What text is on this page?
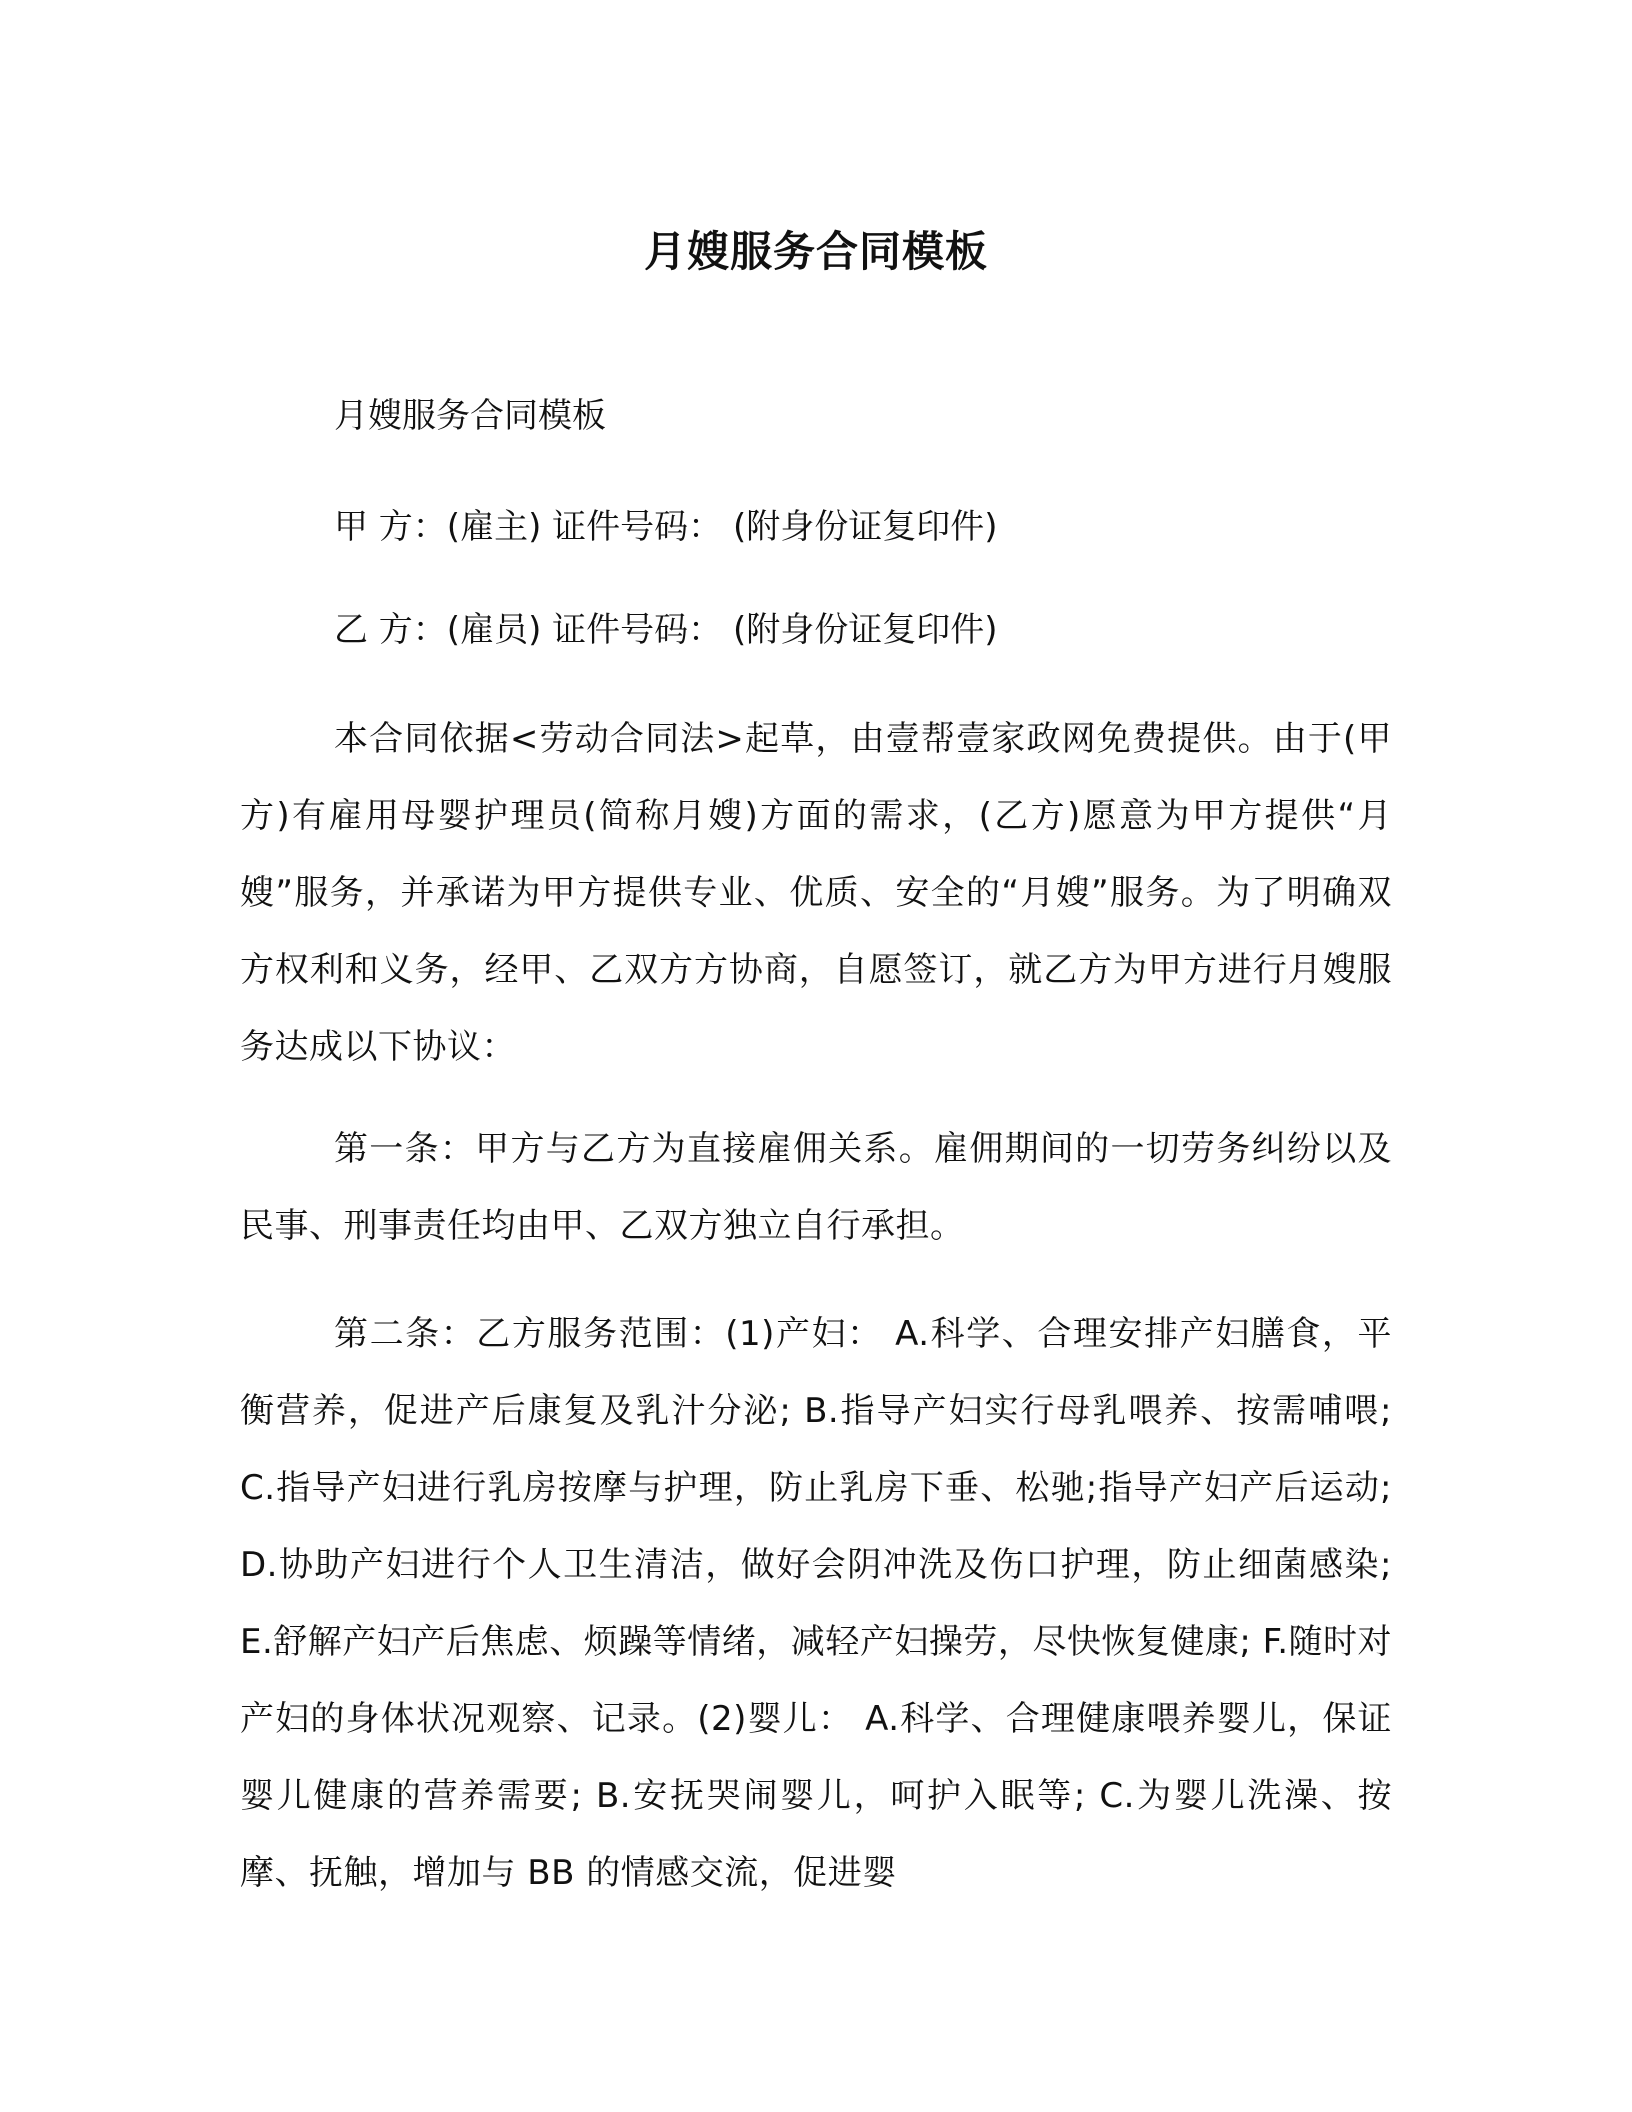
月嫂服务合同模板
月嫂服务合同模板
甲 方：(雇主) 证件号码： (附身份证复印件)
乙 方：(雇员) 证件号码： (附身份证复印件)

本合同依据<劳动合同法>起草，由壹帮壹家政网免费提供。由于(甲方)有雇用母婴护理员(简称月嫂)方面的需求，(乙方)愿意为甲方提供“月嫂”服务，并承诺为甲方提供专业、优质、安全的“月嫂”服务。为了明确双方权利和义务，经甲、乙双方方协商，自愿签订，就乙方为甲方进行月嫂服务达成以下协议：

第一条：甲方与乙方为直接雇佣关系。雇佣期间的一切劳务纠纷以及民事、刑事责任均由甲、乙双方独立自行承担。

第二条：乙方服务范围：(1)产妇： A.科学、合理安排产妇膳食，平衡营养，促进产后康复及乳汁分泌; B.指导产妇实行母乳喂养、按需哺喂; C.指导产妇进行乳房按摩与护理，防止乳房下垂、松驰;指导产妇产后运动; D.协助产妇进行个人卫生清洁，做好会阴冲洗及伤口护理，防止细菌感染; E.舒解产妇产后焦虑、烦躁等情绪，减轻产妇操劳，尽快恢复健康; F.随时对产妇的身体状况观察、记录。(2)婴儿： A.科学、合理健康喂养婴儿，保证婴儿健康的营养需要; B.安抚哭闹婴儿，呵护入眠等; C.为婴儿洗澡、按摩、抚触，增加与 BB 的情感交流，促进婴
